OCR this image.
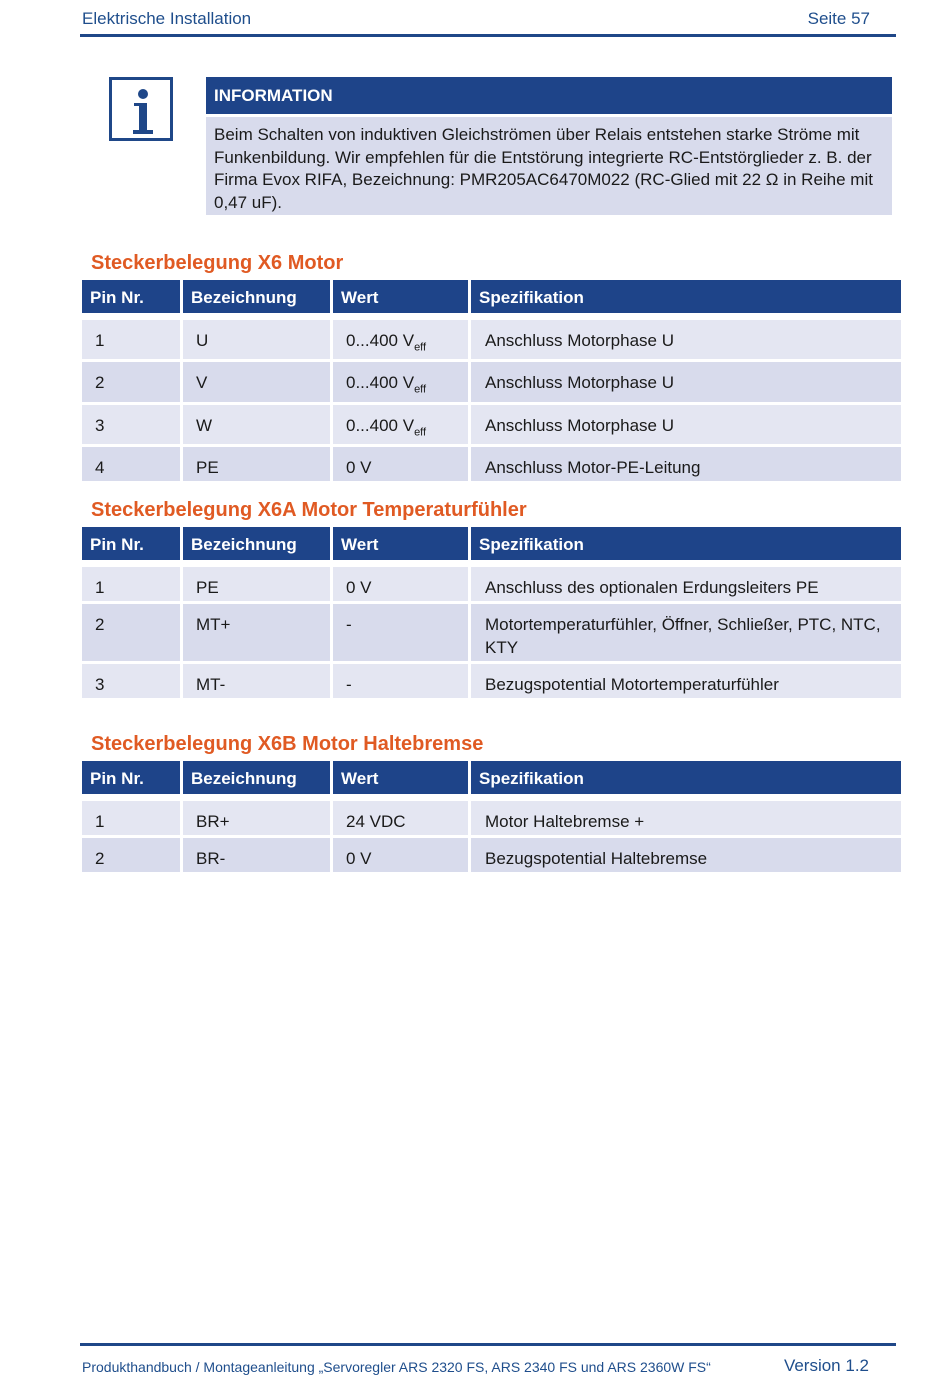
Elektrische Installation	Seite 57
INFORMATION
Beim Schalten von induktiven Gleichströmen über Relais entstehen starke Ströme mit Funkenbildung. Wir empfehlen für die Entstörung integrierte RC-Entstörglieder z. B. der Firma Evox RIFA, Bezeichnung: PMR205AC6470M022 (RC-Glied mit 22 Ω in Reihe mit 0,47 uF).
Steckerbelegung X6 Motor
Pin Nr.	Bezeichnung	Wert	Spezifikation

1	U	0...400 $V_{eff}$	Anschluss Motorphase U
2	V	0...400 $V_{eff}$	Anschluss Motorphase U
3	W	0...400 $V_{eff}$	Anschluss Motorphase U
4	PE	0 V	Anschluss Motor-PE-Leitung
Steckerbelegung X6A Motor Temperaturfühler
Pin Nr.	Bezeichnung	Wert	Spezifikation

1	PE	0 V	Anschluss des optionalen Erdungsleiters PE
2	MT+	-	Motortemperaturfühler, Öffner, Schließer, PTC, NTC, KTY
3	MT-	-	Bezugspotential Motortemperaturfühler
Steckerbelegung X6B Motor Haltebremse
Pin Nr.	Bezeichnung	Wert	Spezifikation

1	BR+	24 VDC	Motor Haltebremse +
2	BR-	0 V	Bezugspotential Haltebremse
Produkthandbuch / Montageanleitung „Servoregler ARS 2320 FS, ARS 2340 FS und ARS 2360W FS“	Version 1.2
